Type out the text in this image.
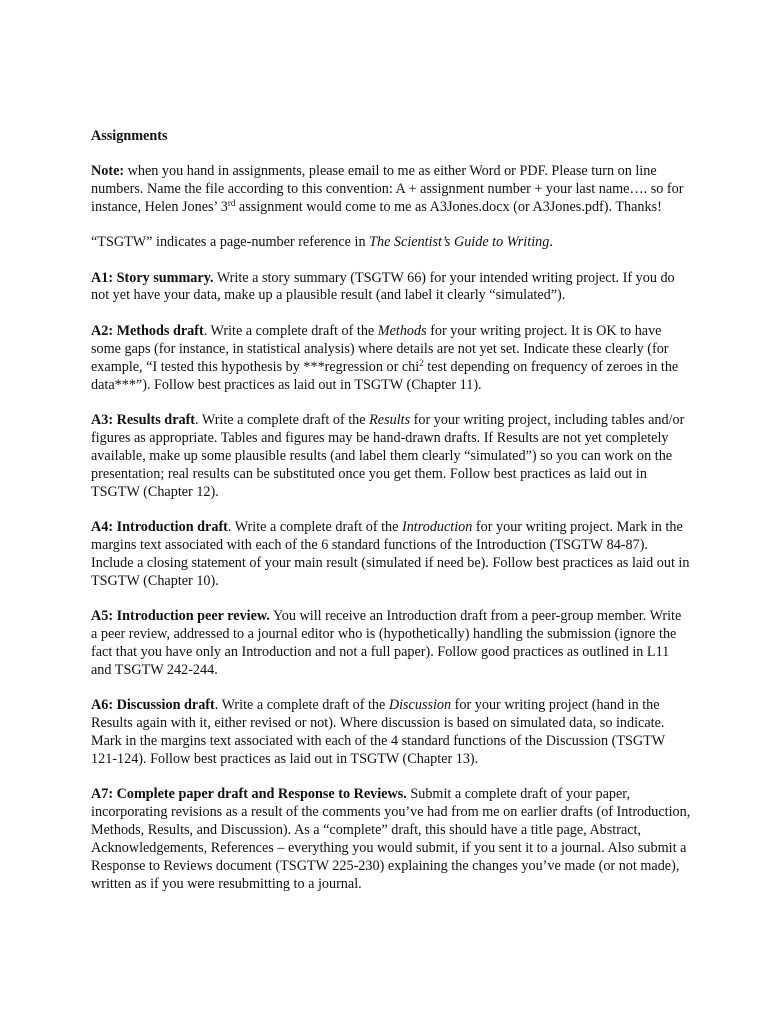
Assignments

Note: when you hand in assignments, please email to me as either Word or PDF. Please turn on line numbers. Name the file according to this convention: A + assignment number + your last name…. so for instance, Helen Jones’ 3rd assignment would come to me as A3Jones.docx (or A3Jones.pdf). Thanks!

“TSGTW” indicates a page-number reference in The Scientist’s Guide to Writing.

A1: Story summary. Write a story summary (TSGTW 66) for your intended writing project. If you do not yet have your data, make up a plausible result (and label it clearly “simulated”).

A2: Methods draft. Write a complete draft of the Methods for your writing project. It is OK to have some gaps (for instance, in statistical analysis) where details are not yet set. Indicate these clearly (for example, “I tested this hypothesis by ***regression or chi$^2$ test depending on frequency of zeroes in the data***”). Follow best practices as laid out in TSGTW (Chapter 11).

A3: Results draft. Write a complete draft of the Results for your writing project, including tables and/or figures as appropriate. Tables and figures may be hand-drawn drafts. If Results are not yet completely available, make up some plausible results (and label them clearly “simulated”) so you can work on the presentation; real results can be substituted once you get them. Follow best practices as laid out in TSGTW (Chapter 12).

A4: Introduction draft. Write a complete draft of the Introduction for your writing project. Mark in the margins text associated with each of the 6 standard functions of the Introduction (TSGTW 84-87). Include a closing statement of your main result (simulated if need be). Follow best practices as laid out in TSGTW (Chapter 10).

A5: Introduction peer review. You will receive an Introduction draft from a peer-group member. Write a peer review, addressed to a journal editor who is (hypothetically) handling the submission (ignore the fact that you have only an Introduction and not a full paper). Follow good practices as outlined in L11 and TSGTW 242-244.

A6: Discussion draft. Write a complete draft of the Discussion for your writing project (hand in the Results again with it, either revised or not). Where discussion is based on simulated data, so indicate. Mark in the margins text associated with each of the 4 standard functions of the Discussion (TSGTW 121-124). Follow best practices as laid out in TSGTW (Chapter 13).

A7: Complete paper draft and Response to Reviews. Submit a complete draft of your paper, incorporating revisions as a result of the comments you’ve had from me on earlier drafts (of Introduction, Methods, Results, and Discussion). As a “complete” draft, this should have a title page, Abstract, Acknowledgements, References – everything you would submit, if you sent it to a journal. Also submit a Response to Reviews document (TSGTW 225-230) explaining the changes you’ve made (or not made), written as if you were resubmitting to a journal.
